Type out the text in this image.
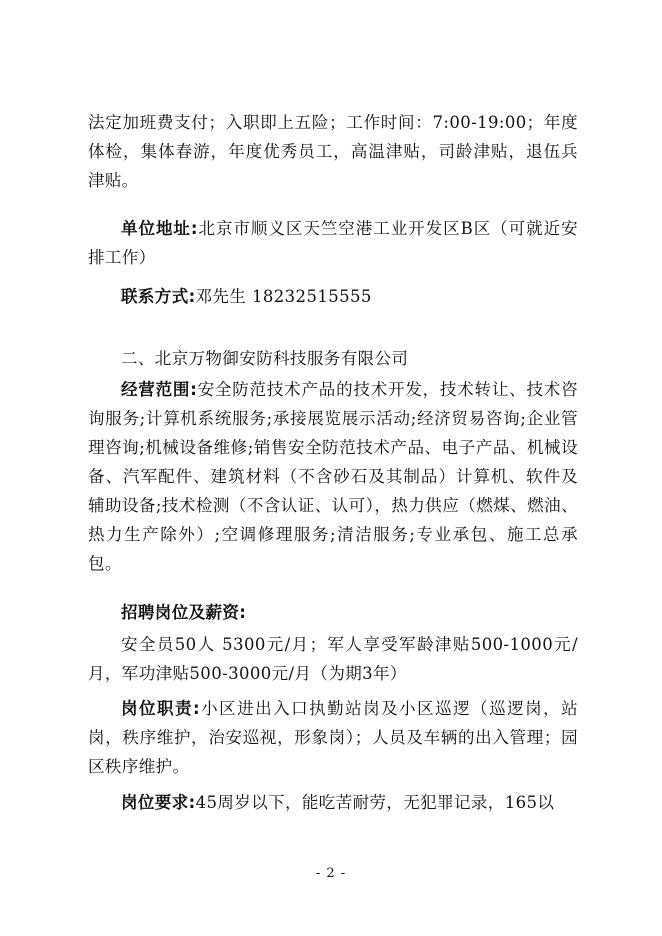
法定加班费支付；入职即上五险；工作时间：7:00-19:00；年度体检，集体春游，年度优秀员工，高温津贴，司龄津贴，退伍兵津贴。

单位地址:北京市顺义区天竺空港工业开发区B区（可就近安排工作）

联系方式:邓先生 18232515555

二、北京万物御安防科技服务有限公司

经营范围:安全防范技术产品的技术开发，技术转让、技术咨询服务;计算机系统服务;承接展览展示活动;经济贸易咨询;企业管理咨询;机械设备维修;销售安全防范技术产品、电子产品、机械设备、汽军配件、建筑材料（不含砂石及其制品）计算机、软件及辅助设备;技术检测（不含认证、认可），热力供应（燃煤、燃油、热力生产除外）;空调修理服务;清洁服务;专业承包、施工总承包。

招聘岗位及薪资:

安全员50人 5300元/月；军人享受军龄津贴500-1000元/月，军功津贴500-3000元/月（为期3年）

岗位职责:小区进出入口执勤站岗及小区巡逻（巡逻岗，站岗，秩序维护，治安巡视，形象岗）；人员及车辆的出入管理；园区秩序维护。

岗位要求:45周岁以下，能吃苦耐劳，无犯罪记录，165以

- 2 -
